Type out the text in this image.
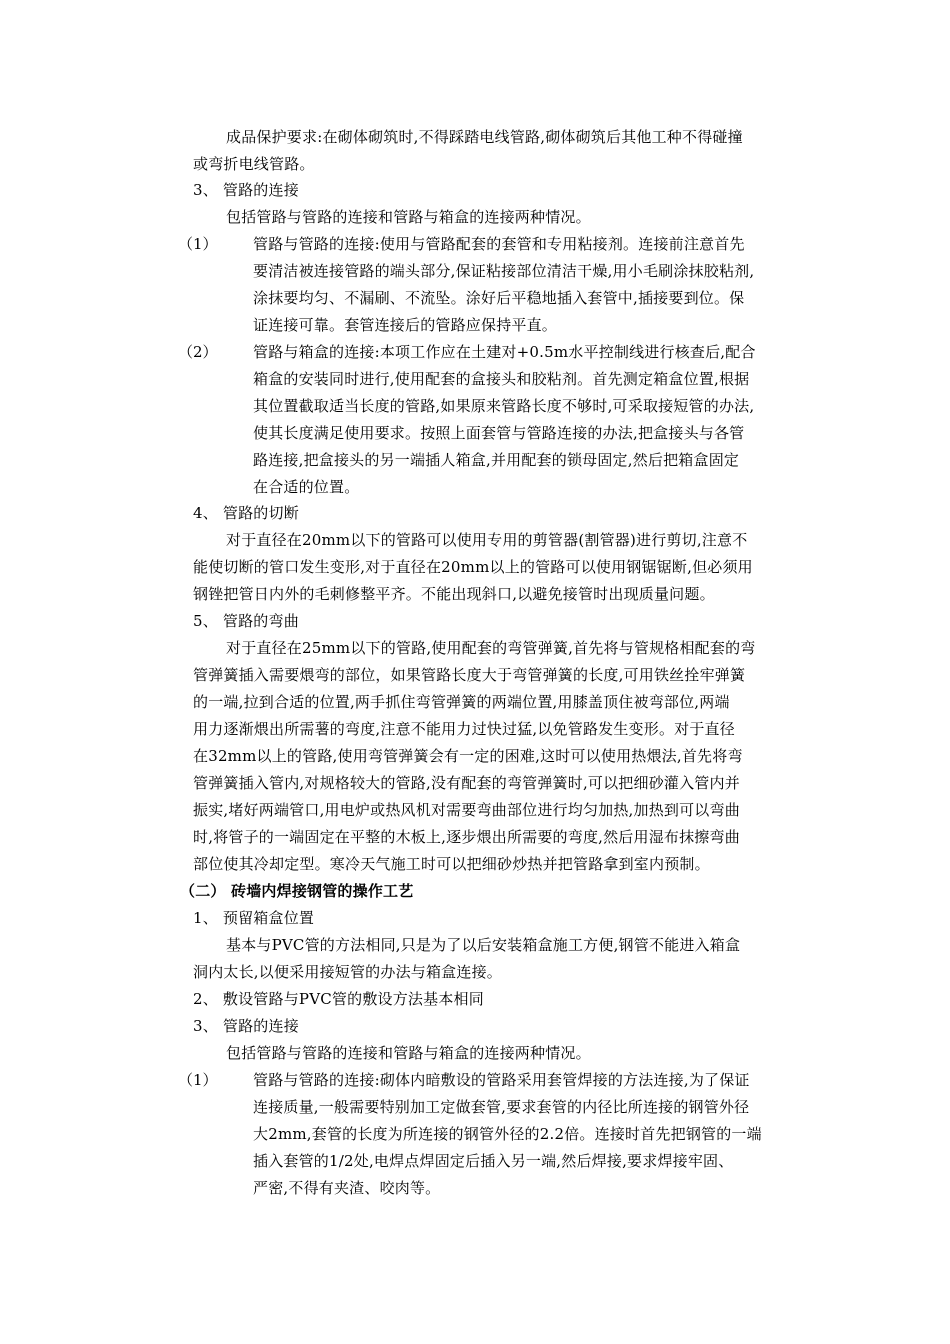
成品保护要求:在砌体砌筑时,不得踩踏电线管路,砌体砌筑后其他工种不得碰撞
或弯折电线管路。
3、 管路的连接
包括管路与管路的连接和管路与箱盒的连接两种情况。
（1） 管路与管路的连接:使用与管路配套的套管和专用粘接剂。连接前注意首先
要清洁被连接管路的端头部分,保证粘接部位清洁干燥,用小毛刷涂抹胶粘剂,
涂抹要均匀、不漏刷、不流坠。涂好后平稳地插入套管中,插接要到位。保
证连接可靠。套管连接后的管路应保持平直。
（2） 管路与箱盒的连接:本项工作应在土建对+0.5m水平控制线进行核查后,配合
箱盒的安装同时进行,使用配套的盒接头和胶粘剂。首先测定箱盒位置,根据
其位置截取适当长度的管路,如果原来管路长度不够时,可采取接短管的办法,
使其长度满足使用要求。按照上面套管与管路连接的办法,把盒接头与各管
路连接,把盒接头的另一端插人箱盒,并用配套的锁母固定,然后把箱盒固定
在合适的位置。
4、 管路的切断
对于直径在20mm以下的管路可以使用专用的剪管器(割管器)进行剪切,注意不
能使切断的管口发生变形,对于直径在20mm以上的管路可以使用钢锯锯断,但必须用
钢锉把管日内外的毛刺修整平齐。不能出现斜口,以避免接管时出现质量问题。
5、 管路的弯曲
对于直径在25mm以下的管路,使用配套的弯管弹簧,首先将与管规格相配套的弯
管弹簧插入需要煨弯的部位，如果管路长度大于弯管弹簧的长度,可用铁丝拴牢弹簧
的一端,拉到合适的位置,两手抓住弯管弹簧的两端位置,用膝盖顶住被弯部位,两端
用力逐渐煨出所需薯的弯度,注意不能用力过快过猛,以免管路发生变形。对于直径
在32mm以上的管路,使用弯管弹簧会有一定的困难,这时可以使用热煨法,首先将弯
管弹簧插入管内,对规格较大的管路,没有配套的弯管弹簧时,可以把细砂灌入管内并
振实,堵好两端管口,用电炉或热风机对需要弯曲部位进行均匀加热,加热到可以弯曲
时,将管子的一端固定在平整的木板上,逐步煨出所需要的弯度,然后用湿布抹擦弯曲
部位使其冷却定型。寒冷天气施工时可以把细砂炒热并把管路拿到室内预制。
（二） 砖墙内焊接钢管的操作工艺
1、 预留箱盒位置
基本与PVC管的方法相同,只是为了以后安装箱盒施工方便,钢管不能进入箱盒
洞内太长,以便采用接短管的办法与箱盒连接。
2、 敷设管路与PVC管的敷设方法基本相同
3、 管路的连接
包括管路与管路的连接和管路与箱盒的连接两种情况。
（1） 管路与管路的连接:砌体内暗敷设的管路采用套管焊接的方法连接,为了保证
连接质量,一般需要特别加工定做套管,要求套管的内径比所连接的钢管外径
大2mm,套管的长度为所连接的钢管外径的2.2倍。连接时首先把钢管的一端
插入套管的1/2处,电焊点焊固定后插入另一端,然后焊接,要求焊接牢固、
严密,不得有夹渣、咬肉等。
